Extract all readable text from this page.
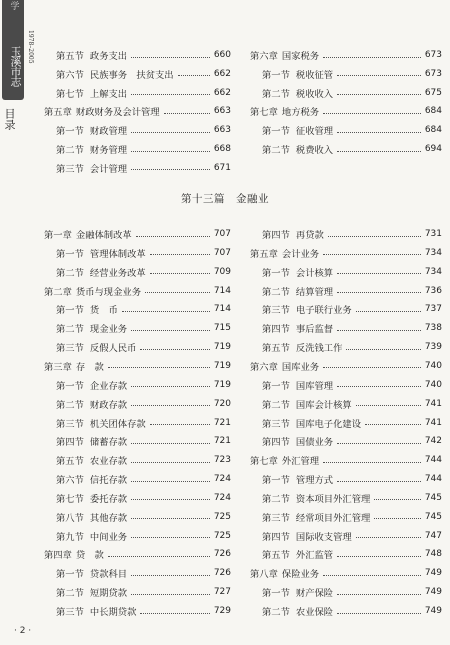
学
玉溪市志 1978–2005
目录
第十三篇　金融业
第五节 政务支出	660
第六节 民族事务　扶贫支出	662
第七节 上解支出	662
第五章 财政财务及会计管理	663
第一节 财政管理	663
第二节 财务管理	668
第三节 会计管理	671
第六章 国家税务	673
第一节 税收征管	673
第二节 税收收入	675
第七章 地方税务	684
第一节 征收管理	684
第二节 税费收入	694
第一章 金融体制改革	707
第一节 管理体制改革	707
第二节 经营业务改革	709
第二章 货币与现金业务	714
第一节 货　币	714
第二节 现金业务	715
第三节 反假人民币	719
第三章 存　款	719
第一节 企业存款	719
第二节 财政存款	720
第三节 机关团体存款	721
第四节 储蓄存款	721
第五节 农业存款	723
第六节 信托存款	724
第七节 委托存款	724
第八节 其他存款	725
第九节 中间业务	725
第四章 贷　款	726
第一节 贷款科目	726
第二节 短期贷款	727
第三节 中长期贷款	729
第四节 再贷款	731
第五章 会计业务	734
第一节 会计核算	734
第二节 结算管理	736
第三节 电子联行业务	737
第四节 事后监督	738
第五节 反洗钱工作	739
第六章 国库业务	740
第一节 国库管理	740
第二节 国库会计核算	741
第三节 国库电子化建设	741
第四节 国债业务	742
第七章 外汇管理	744
第一节 管理方式	744
第二节 资本项目外汇管理	745
第三节 经常项目外汇管理	745
第四节 国际收支管理	747
第五节 外汇监管	748
第八章 保险业务	749
第一节 财产保险	749
第二节 农业保险	749
· 2 ·
